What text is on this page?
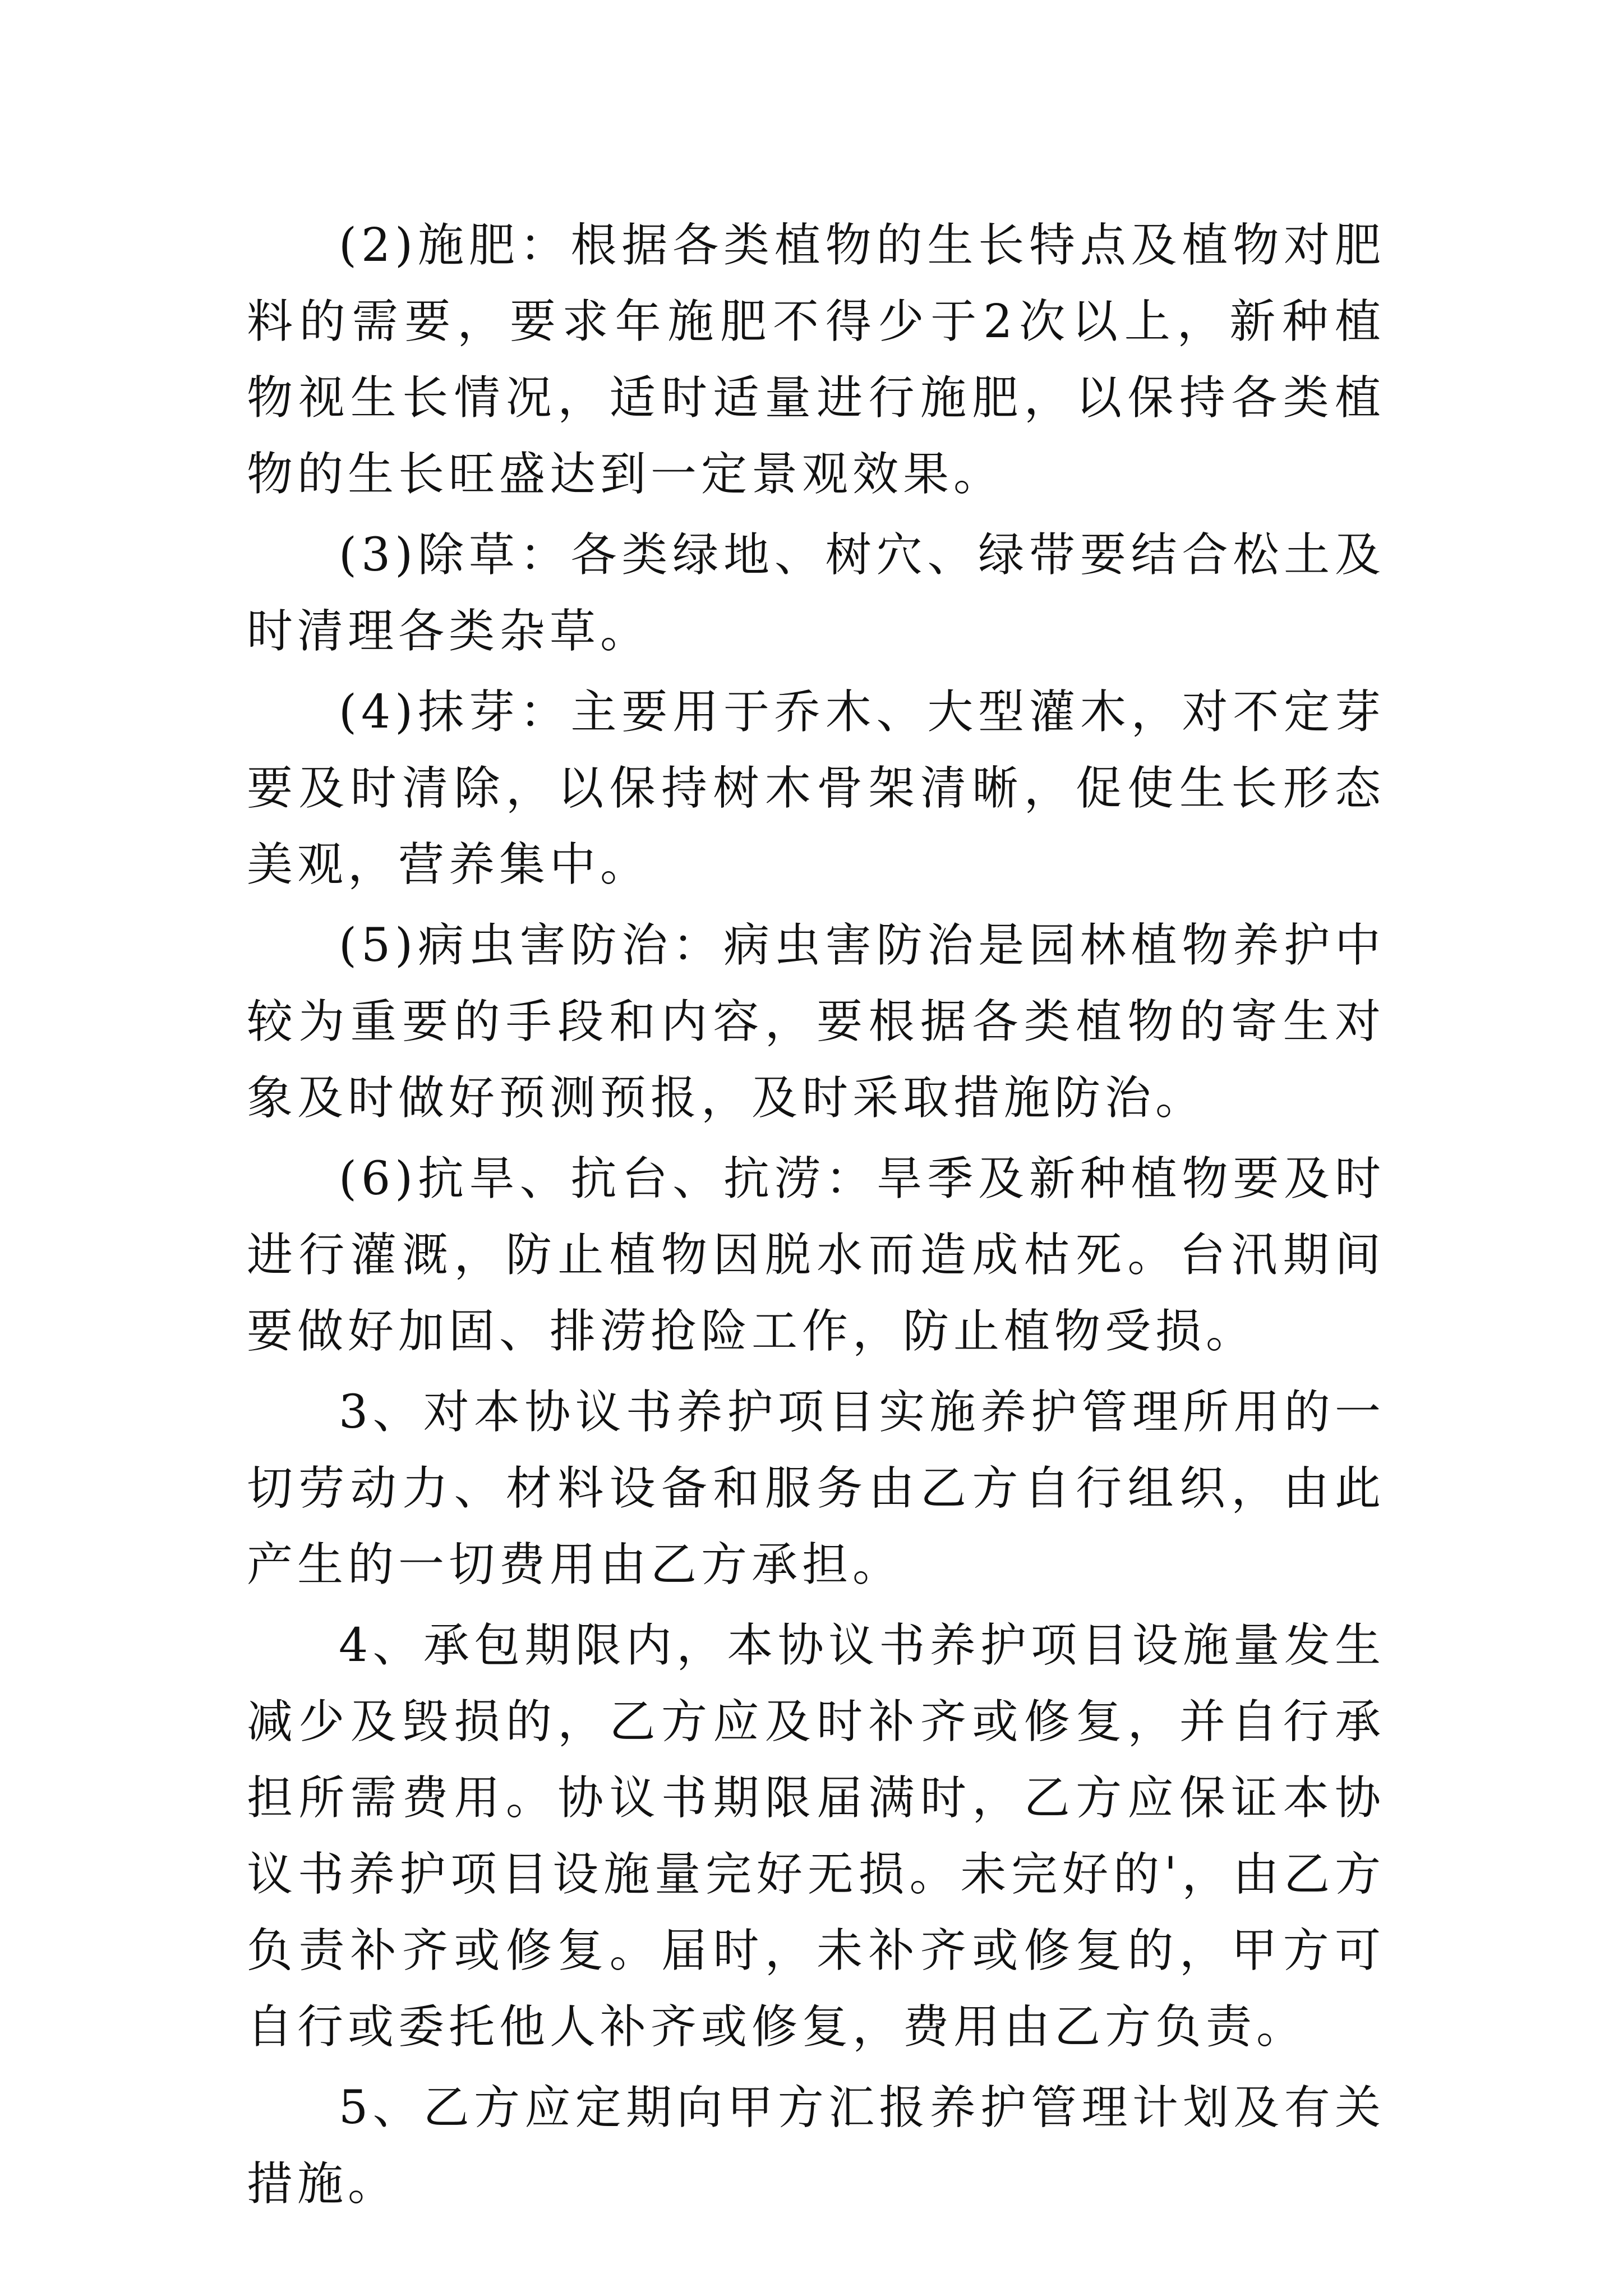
(2)施肥：根据各类植物的生长特点及植物对肥料的需要，要求年施肥不得少于2次以上，新种植物视生长情况，适时适量进行施肥，以保持各类植物的生长旺盛达到一定景观效果。

(3)除草：各类绿地、树穴、绿带要结合松土及时清理各类杂草。

(4)抹芽：主要用于乔木、大型灌木，对不定芽要及时清除，以保持树木骨架清晰，促使生长形态美观，营养集中。

(5)病虫害防治：病虫害防治是园林植物养护中较为重要的手段和内容，要根据各类植物的寄生对象及时做好预测预报，及时采取措施防治。

(6)抗旱、抗台、抗涝：旱季及新种植物要及时进行灌溉，防止植物因脱水而造成枯死。台汛期间要做好加固、排涝抢险工作，防止植物受损。

3、对本协议书养护项目实施养护管理所用的一切劳动力、材料设备和服务由乙方自行组织，由此产生的一切费用由乙方承担。

4、承包期限内，本协议书养护项目设施量发生减少及毁损的，乙方应及时补齐或修复，并自行承担所需费用。协议书期限届满时，乙方应保证本协议书养护项目设施量完好无损。未完好的'，由乙方负责补齐或修复。届时，未补齐或修复的，甲方可自行或委托他人补齐或修复，费用由乙方负责。

5、乙方应定期向甲方汇报养护管理计划及有关措施。
